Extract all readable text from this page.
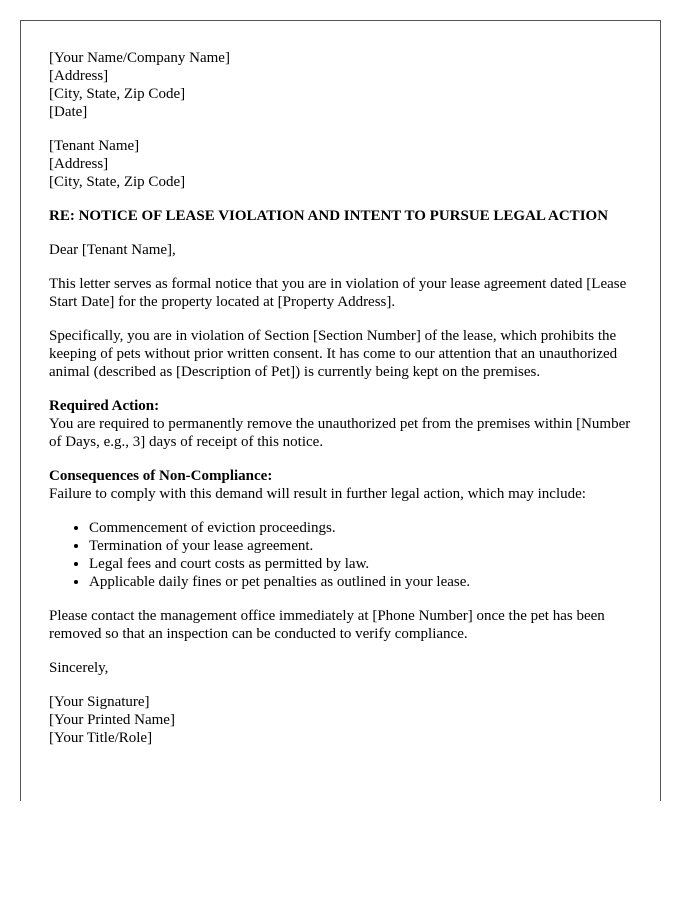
[Your Name/Company Name]
[Address]
[City, State, Zip Code]
[Date]
[Tenant Name]
[Address]
[City, State, Zip Code]
RE: NOTICE OF LEASE VIOLATION AND INTENT TO PURSUE LEGAL ACTION

Dear [Tenant Name],

This letter serves as formal notice that you are in violation of your lease agreement dated [Lease Start Date] for the property located at [Property Address].

Specifically, you are in violation of Section [Section Number] of the lease, which prohibits the keeping of pets without prior written consent. It has come to our attention that an unauthorized animal (described as [Description of Pet]) is currently being kept on the premises.

Required Action:
You are required to permanently remove the unauthorized pet from the premises within [Number of Days, e.g., 3] days of receipt of this notice.

Consequences of Non-Compliance:
Failure to comply with this demand will result in further legal action, which may include:

• Commencement of eviction proceedings.
• Termination of your lease agreement.
• Legal fees and court costs as permitted by law.
• Applicable daily fines or pet penalties as outlined in your lease.

Please contact the management office immediately at [Phone Number] once the pet has been removed so that an inspection can be conducted to verify compliance.

Sincerely,

[Your Signature]
[Your Printed Name]
[Your Title/Role]
